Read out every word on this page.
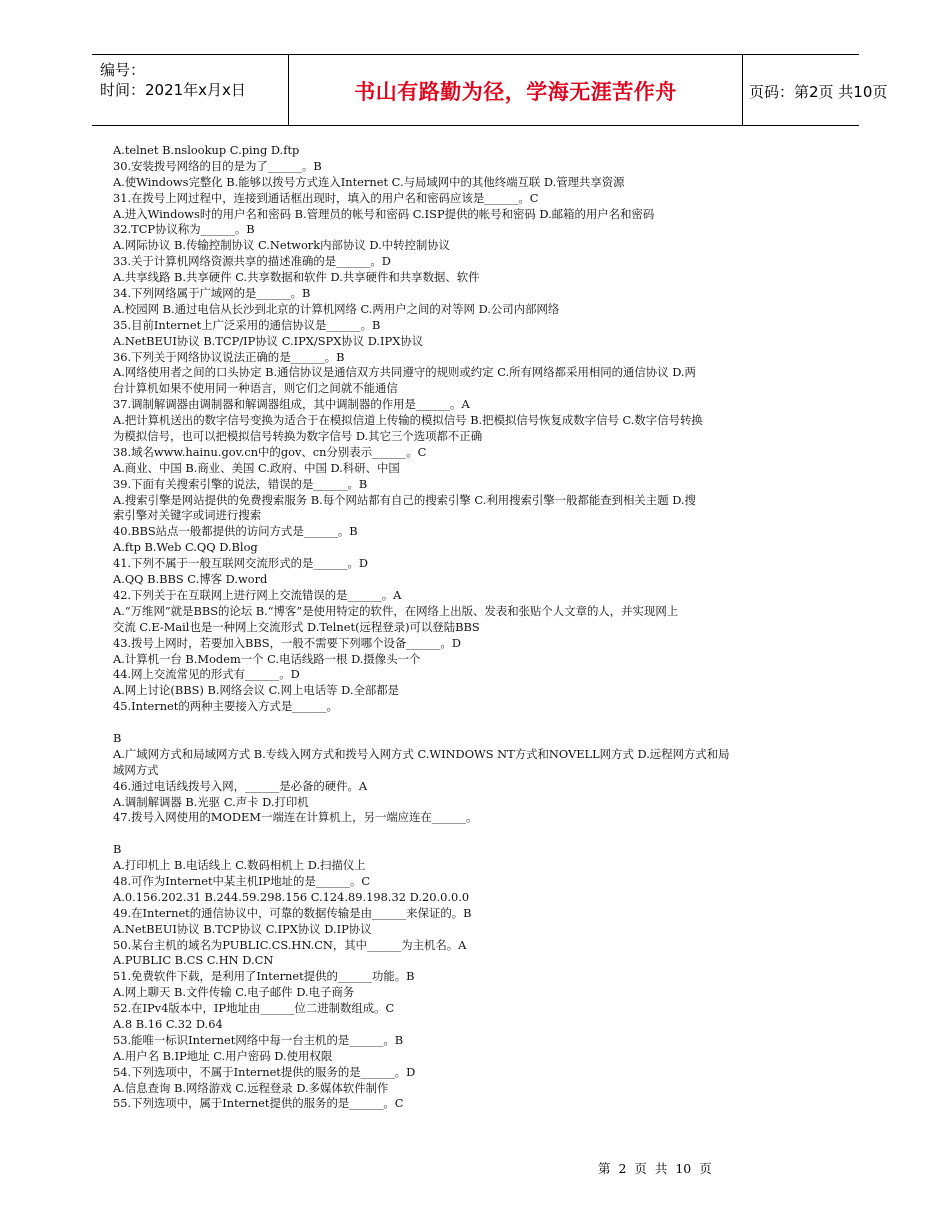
编号：
时间：2021年x月x日	书山有路勤为径，学海无涯苦作舟	页码：第2页 共10页
A.telnet B.nslookup C.ping D.ftp
30.安装拨号网络的目的是为了______。B
A.使Windows完整化 B.能够以拨号方式连入Internet C.与局域网中的其他终端互联 D.管理共享资源
31.在拨号上网过程中，连接到通话框出现时，填入的用户名和密码应该是______。C
A.进入Windows时的用户名和密码 B.管理员的帐号和密码 C.ISP提供的帐号和密码 D.邮箱的用户名和密码
32.TCP协议称为______。B
A.网际协议 B.传输控制协议 C.Network内部协议 D.中转控制协议
33.关于计算机网络资源共享的描述准确的是______。D
A.共享线路 B.共享硬件 C.共享数据和软件 D.共享硬件和共享数据、软件
34.下列网络属于广域网的是______。B
A.校园网 B.通过电信从长沙到北京的计算机网络 C.两用户之间的对等网 D.公司内部网络
35.目前Internet上广泛采用的通信协议是______。B
A.NetBEUI协议 B.TCP/IP协议 C.IPX/SPX协议 D.IPX协议
36.下列关于网络协议说法正确的是______。B
A.网络使用者之间的口头协定 B.通信协议是通信双方共同遵守的规则或约定 C.所有网络都采用相同的通信协议 D.两
台计算机如果不使用同一种语言，则它们之间就不能通信
37.调制解调器由调制器和解调器组成，其中调制器的作用是______。A
A.把计算机送出的数字信号变换为适合于在模拟信道上传输的模拟信号 B.把模拟信号恢复成数字信号 C.数字信号转换
为模拟信号，也可以把模拟信号转换为数字信号 D.其它三个选项都不正确
38.域名www.hainu.gov.cn中的gov、cn分别表示______。C
A.商业、中国 B.商业、美国 C.政府、中国 D.科研、中国
39.下面有关搜索引擎的说法，错误的是______。B
A.搜索引擎是网站提供的免费搜索服务 B.每个网站都有自己的搜索引擎 C.利用搜索引擎一般都能查到相关主题 D.搜
索引擎对关键字或词进行搜索
40.BBS站点一般都提供的访问方式是______。B
A.ftp B.Web C.QQ D.Blog
41.下列不属于一般互联网交流形式的是______。D
A.QQ B.BBS C.博客 D.word
42.下列关于在互联网上进行网上交流错误的是______。A
A.“万维网”就是BBS的论坛 B.“博客”是使用特定的软件，在网络上出版、发表和张贴个人文章的人，并实现网上
交流 C.E-Mail也是一种网上交流形式 D.Telnet(远程登录)可以登陆BBS
43.拨号上网时，若要加入BBS，一般不需要下列哪个设备______。D
A.计算机一台 B.Modem一个 C.电话线路一根 D.摄像头一个
44.网上交流常见的形式有______。D
A.网上讨论(BBS) B.网络会议 C.网上电话等 D.全部都是
45.Internet的两种主要接入方式是______。
B
A.广域网方式和局域网方式 B.专线入网方式和拨号入网方式 C.WINDOWS NT方式和NOVELL网方式 D.远程网方式和局
域网方式
46.通过电话线拨号入网，______是必备的硬件。A
A.调制解调器 B.光驱 C.声卡 D.打印机
47.拨号入网使用的MODEM一端连在计算机上，另一端应连在______。
B
A.打印机上 B.电话线上 C.数码相机上 D.扫描仪上
48.可作为Internet中某主机IP地址的是______。C
A.0.156.202.31 B.244.59.298.156 C.124.89.198.32 D.20.0.0.0
49.在Internet的通信协议中，可靠的数据传输是由______来保证的。B
A.NetBEUI协议 B.TCP协议 C.IPX协议 D.IP协议
50.某台主机的域名为PUBLIC.CS.HN.CN，其中______为主机名。A
A.PUBLIC B.CS C.HN D.CN
51.免费软件下载，是利用了Internet提供的______功能。B
A.网上聊天 B.文件传输 C.电子邮件 D.电子商务
52.在IPv4版本中，IP地址由______位二进制数组成。C
A.8 B.16 C.32 D.64
53.能唯一标识Internet网络中每一台主机的是______。B
A.用户名 B.IP地址 C.用户密码 D.使用权限
54.下列选项中，不属于Internet提供的服务的是______。D
A.信息查询 B.网络游戏 C.远程登录 D.多媒体软件制作
55.下列选项中，属于Internet提供的服务的是______。C
第 2 页 共 10 页
